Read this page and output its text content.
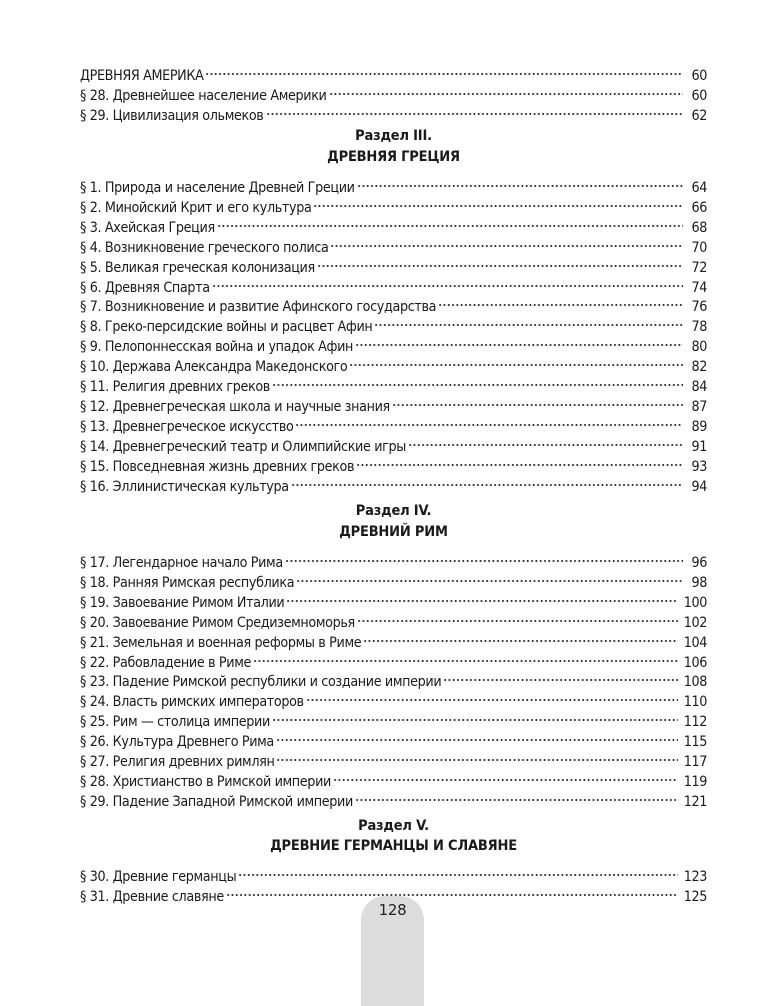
ДРЕВНЯЯ АМЕРИКА	60
§ 28. Древнейшее население Америки	60
§ 29. Цивилизация ольмеков	62
Раздел III.
ДРЕВНЯЯ ГРЕЦИЯ
§ 1. Природа и население Древней Греции	64
§ 2. Минойский Крит и его культура	66
§ 3. Ахейская Греция	68
§ 4. Возникновение греческого полиса	70
§ 5. Великая греческая колонизация	72
§ 6. Древняя Спарта	74
§ 7. Возникновение и развитие Афинского государства	76
§ 8. Греко-персидские войны и расцвет Афин	78
§ 9. Пелопоннесская война и упадок Афин	80
§ 10. Держава Александра Македонского	82
§ 11. Религия древних греков	84
§ 12. Древнегреческая школа и научные знания	87
§ 13. Древнегреческое искусство	89
§ 14. Древнегреческий театр и Олимпийские игры	91
§ 15. Повседневная жизнь древних греков	93
§ 16. Эллинистическая культура	94
Раздел IV.
ДРЕВНИЙ РИМ
§ 17. Легендарное начало Рима	96
§ 18. Ранняя Римская республика	98
§ 19. Завоевание Римом Италии	100
§ 20. Завоевание Римом Средиземноморья	102
§ 21. Земельная и военная реформы в Риме	104
§ 22. Рабовладение в Риме	106
§ 23. Падение Римской республики и создание империи	108
§ 24. Власть римских императоров	110
§ 25. Рим — столица империи	112
§ 26. Культура Древнего Рима	115
§ 27. Религия древних римлян	117
§ 28. Христианство в Римской империи	119
§ 29. Падение Западной Римской империи	121
Раздел V.
ДРЕВНИЕ ГЕРМАНЦЫ И СЛАВЯНЕ
§ 30. Древние германцы	123
§ 31. Древние славяне	125
128
